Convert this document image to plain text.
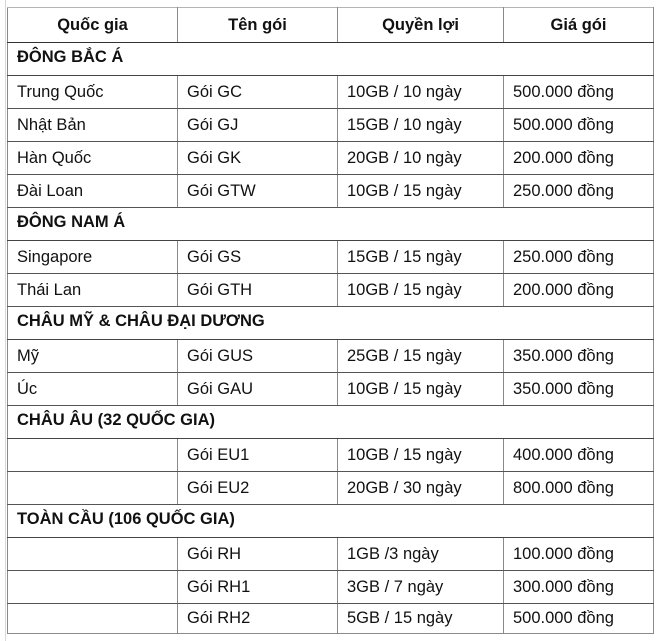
Quốc gia	Tên gói	Quyền lợi	Giá gói
ĐÔNG BẮC Á			
Trung Quốc	Gói GC	10GB / 10 ngày	500.000 đồng
Nhật Bản	Gói GJ	15GB / 10 ngày	500.000 đồng
Hàn Quốc	Gói GK	20GB / 10 ngày	200.000 đồng
Đài Loan	Gói GTW	10GB / 15 ngày	250.000 đồng
ĐÔNG NAM Á			
Singapore	Gói GS	15GB / 15 ngày	250.000 đồng
Thái Lan	Gói GTH	10GB / 15 ngày	200.000 đồng
CHÂU MỸ & CHÂU ĐẠI DƯƠNG			
Mỹ	Gói GUS	25GB / 15 ngày	350.000 đồng
Úc	Gói GAU	10GB / 15 ngày	350.000 đồng
CHÂU ÂU (32 QUỐC GIA)			
	Gói EU1	10GB / 15 ngày	400.000 đồng
	Gói EU2	20GB / 30 ngày	800.000 đồng
TOÀN CẦU (106 QUỐC GIA)			
	Gói RH	1GB /3 ngày	100.000 đồng
	Gói RH1	3GB / 7 ngày	300.000 đồng
	Gói RH2	5GB / 15 ngày	500.000 đồng
